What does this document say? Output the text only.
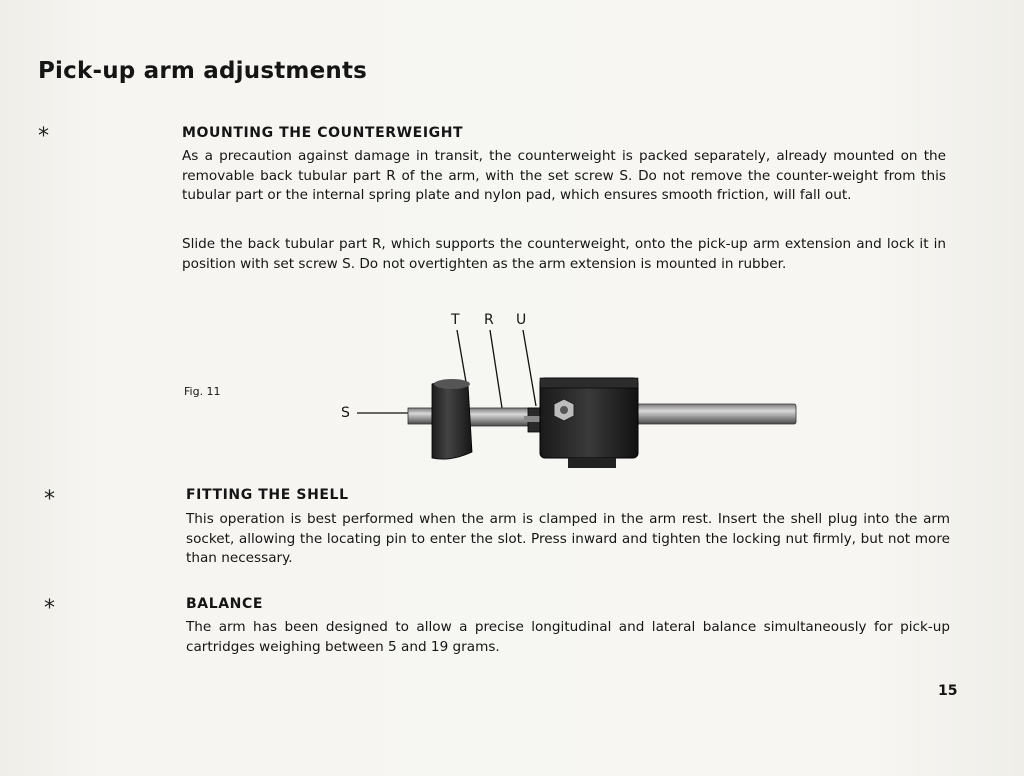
Pick-up arm adjustments
*	MOUNTING THE COUNTERWEIGHT

As a precaution against damage in transit, the counterweight is packed separately, already mounted on the removable back tubular part R of the arm, with the set screw S. Do not remove the counter-weight from this tubular part or the internal spring plate and nylon pad, which ensures smooth friction, will fall out.

Slide the back tubular part R, which supports the counterweight, onto the pick-up arm extension and lock it in position with set screw S. Do not overtighten as the arm extension is mounted in rubber.

Fig. 11
T R U
S
*	FITTING THE SHELL

This operation is best performed when the arm is clamped in the arm rest. Insert the shell plug into the arm socket, allowing the locating pin to enter the slot. Press inward and tighten the locking nut firmly, but not more than necessary.

*	BALANCE

The arm has been designed to allow a precise longitudinal and lateral balance simultaneously for pick-up cartridges weighing between 5 and 19 grams.

15
